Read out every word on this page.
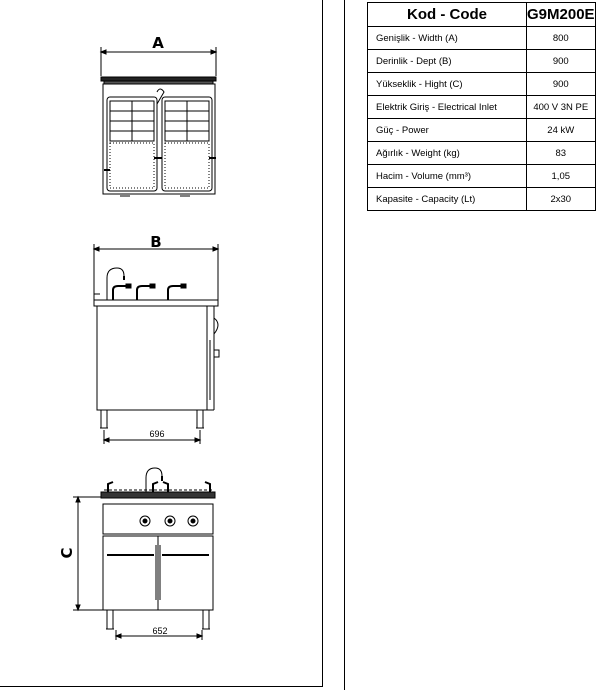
A
B
696
C
652
Kod - Code	G9M200E
Genişlik - Width (A)	800
Derinlik - Dept (B)	900
Yükseklik - Hight (C)	900
Elektrik Giriş - Electrical Inlet	400 V 3N PE
Güç - Power	24 kW
Ağırlık - Weight (kg)	83
Hacim - Volume (mm³)	1,05
Kapasite - Capacity (Lt)	2x30
